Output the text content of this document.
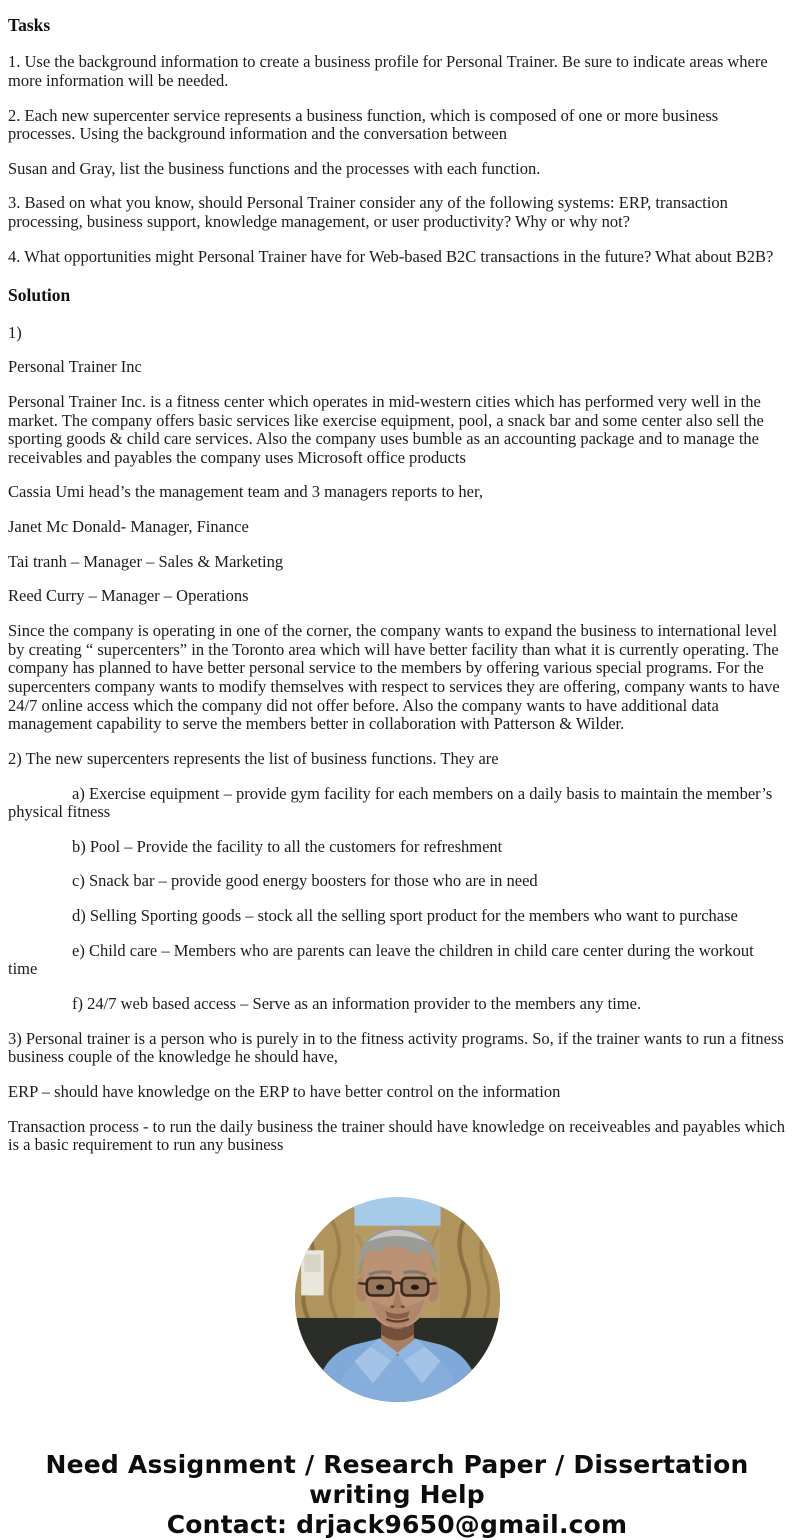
Tasks

1. Use the background information to create a business profile for Personal Trainer. Be sure to indicate areas where more information will be needed.

2. Each new supercenter service represents a business function, which is composed of one or more business processes. Using the background information and the conversation between

Susan and Gray, list the business functions and the processes with each function.

3. Based on what you know, should Personal Trainer consider any of the following systems: ERP, transaction processing, business support, knowledge management, or user productivity? Why or why not?

4. What opportunities might Personal Trainer have for Web-based B2C transactions in the future? What about B2B?

Solution

1)

Personal Trainer Inc

Personal Trainer Inc. is a fitness center which operates in mid-western cities which has performed very well in the market. The company offers basic services like exercise equipment, pool, a snack bar and some center also sell the sporting goods & child care services. Also the company uses bumble as an accounting package and to manage the receivables and payables the company uses Microsoft office products

Cassia Umi head’s the management team and 3 managers reports to her,

Janet Mc Donald- Manager, Finance

Tai tranh – Manager – Sales & Marketing

Reed Curry – Manager – Operations

Since the company is operating in one of the corner, the company wants to expand the business to international level by creating “ supercenters” in the Toronto area which will have better facility than what it is currently operating. The company has planned to have better personal service to the members by offering various special programs. For the supercenters company wants to modify themselves with respect to services they are offering, company wants to have 24/7 online access which the company did not offer before. Also the company wants to have additional data management capability to serve the members better in collaboration with Patterson & Wilder.

2) The new supercenters represents the list of business functions. They are

a) Exercise equipment – provide gym facility for each members on a daily basis to maintain the member’s physical fitness

b) Pool – Provide the facility to all the customers for refreshment

c) Snack bar – provide good energy boosters for those who are in need

d) Selling Sporting goods – stock all the selling sport product for the members who want to purchase

e) Child care – Members who are parents can leave the children in child care center during the workout time

f) 24/7 web based access – Serve as an information provider to the members any time.

3) Personal trainer is a person who is purely in to the fitness activity programs. So, if the trainer wants to run a fitness business couple of the knowledge he should have,

ERP – should have knowledge on the ERP to have better control on the information

Transaction process - to run the daily business the trainer should have knowledge on receiveables and payables which is a basic requirement to run any business

Need Assignment / Research Paper / Dissertation
writing Help
Contact: drjack9650@gmail.com
